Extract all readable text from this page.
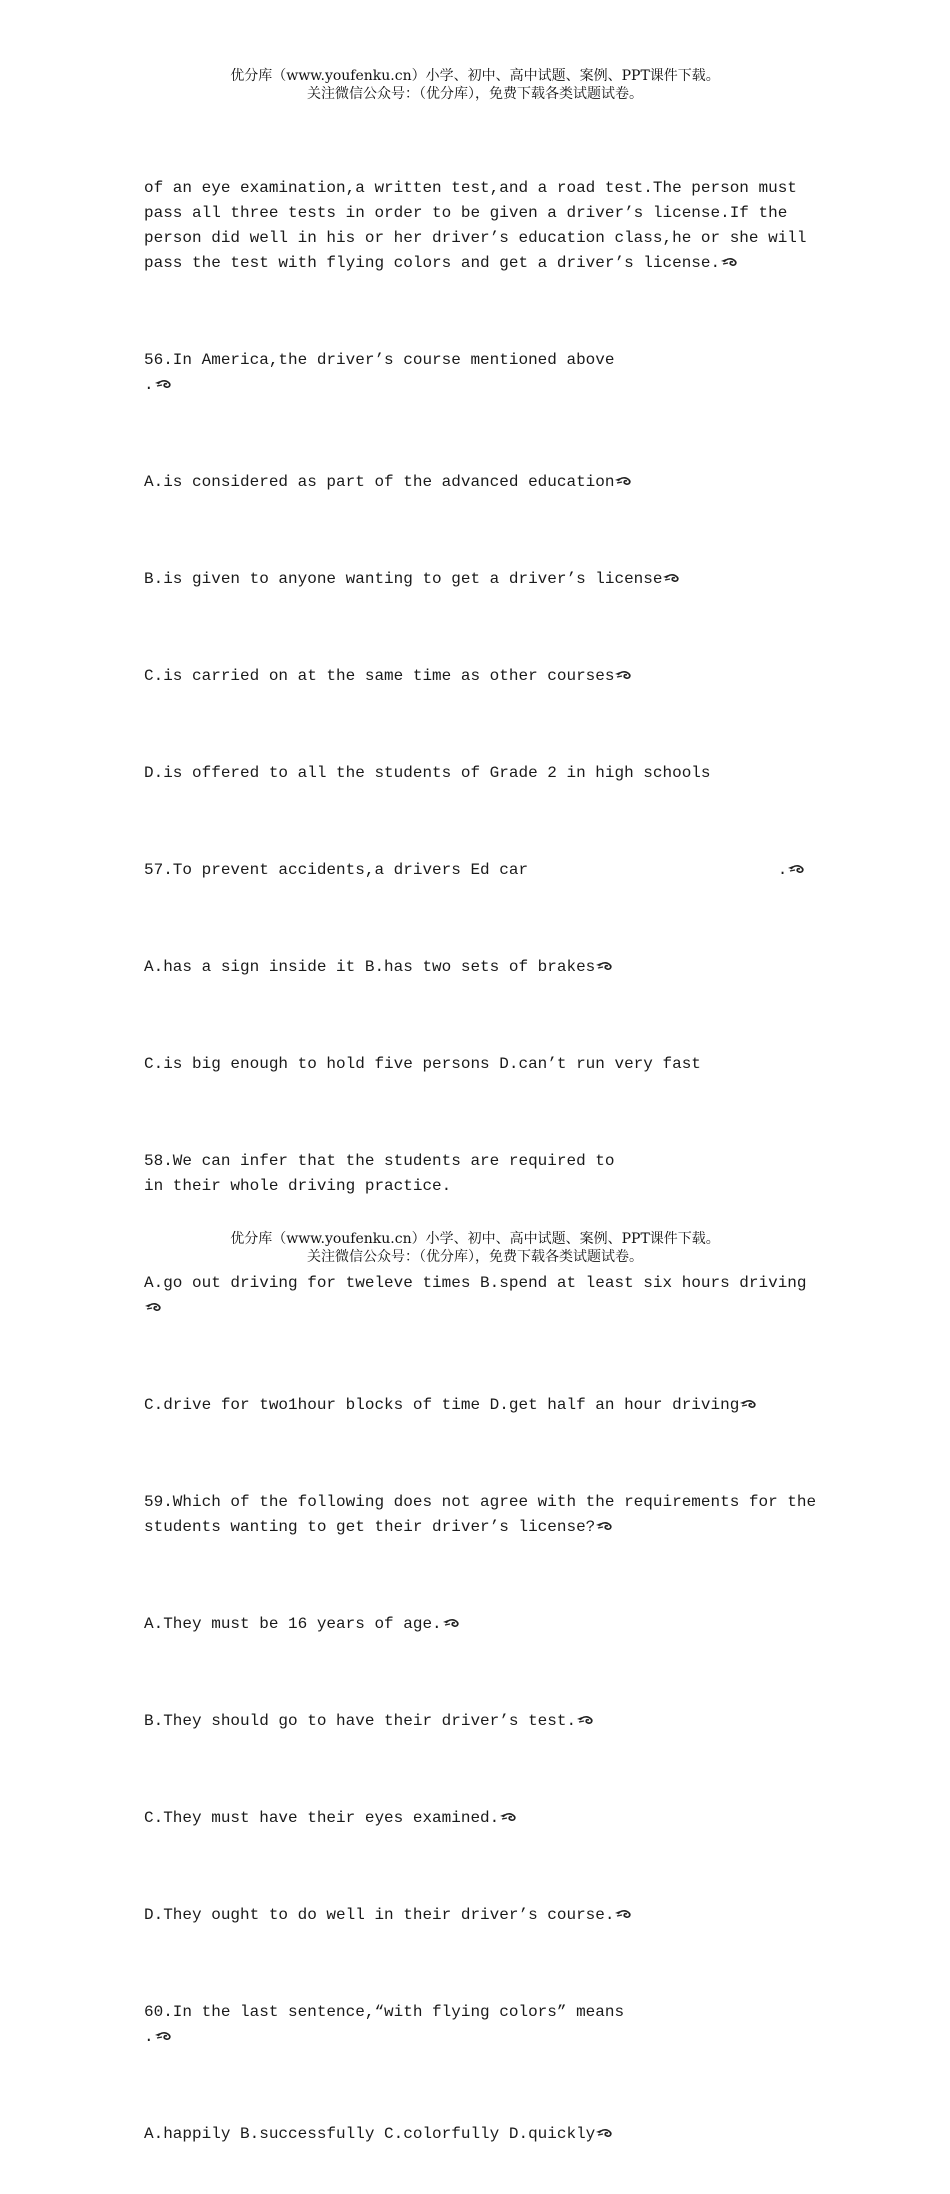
优分库（www.youfenku.cn）小学、初中、高中试题、案例、PPT课件下载。
关注微信公众号：（优分库），免费下载各类试题试卷。

of an eye examination,a written test,and a road test.The person must pass all three tests in order to be given a driver’s license.If the person did well in his or her driver’s education class,he or she will pass the test with flying colors and get a driver’s license.

56.In America,the driver’s course mentioned above
.

A.is considered as part of the advanced education

B.is given to anyone wanting to get a driver’s license

C.is carried on at the same time as other courses

D.is offered to all the students of Grade 2 in high schools

57.To prevent accidents,a drivers Ed car                          .

A.has a sign inside it B.has two sets of brakes

C.is big enough to hold five persons D.can’t run very fast

58.We can infer that the students are required to
in their whole driving practice.

A.go out driving for tweleve times B.spend at least six hours driving

C.drive for two1hour blocks of time D.get half an hour driving

59.Which of the following does not agree with the requirements for the students wanting to get their driver’s license?

A.They must be 16 years of age.

B.They should go to have their driver’s test.

C.They must have their eyes examined.

D.They ought to do well in their driver’s course.

60.In the last sentence,“with flying colors” means
.

A.happily B.successfully C.colorfully D.quickly

优分库（www.youfenku.cn）小学、初中、高中试题、案例、PPT课件下载。
关注微信公众号：（优分库），免费下载各类试题试卷。
